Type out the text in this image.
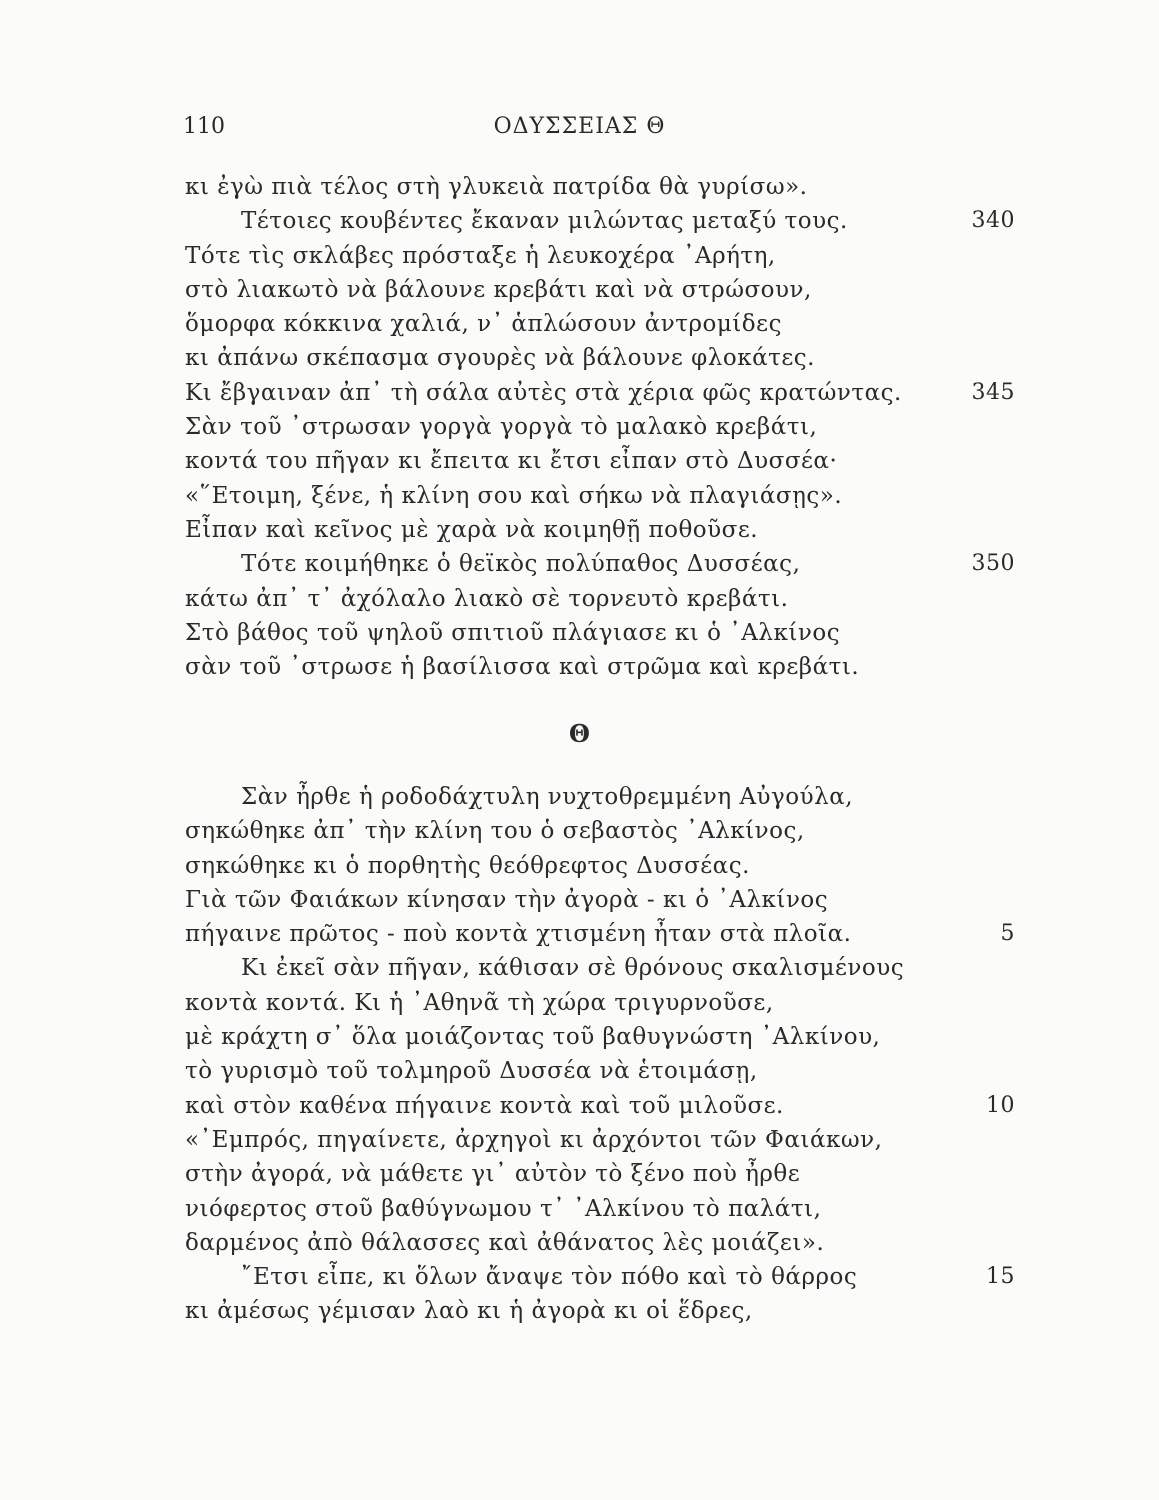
110	ΟΔΥΣΣΕΙΑΣ Θ
κι ἐγὼ πιὰ τέλος στὴ γλυκειὰ πατρίδα θὰ γυρίσω».
Τέτοιες κουβέντες ἔκαναν μιλώντας μεταξύ τους.	340
Τότε τὶς σκλάβες πρόσταξε ἡ λευκοχέρα ᾿Αρήτη,
στὸ λιακωτὸ νὰ βάλουνε κρεβάτι καὶ νὰ στρώσουν,
ὅμορφα κόκκινα χαλιά, ν᾿ ἁπλώσουν ἀντρομίδες
κι ἀπάνω σκέπασμα σγουρὲς νὰ βάλουνε φλοκάτες.
Κι ἔβγαιναν ἀπ᾿ τὴ σάλα αὐτὲς στὰ χέρια φῶς κρατώντας.	345
Σὰν τοῦ ᾿στρωσαν γοργὰ γοργὰ τὸ μαλακὸ κρεβάτι,
κοντά του πῆγαν κι ἔπειτα κι ἔτσι εἶπαν στὸ Δυσσέα·
«῞Ετοιμη, ξένε, ἡ κλίνη σου καὶ σήκω νὰ πλαγιάσῃς».
Εἶπαν καὶ κεῖνος μὲ χαρὰ νὰ κοιμηθῇ ποθοῦσε.
Τότε κοιμήθηκε ὁ θεϊκὸς πολύπαθος Δυσσέας,	350
κάτω ἀπ᾿ τ᾿ ἀχόλαλο λιακὸ σὲ τορνευτὸ κρεβάτι.
Στὸ βάθος τοῦ ψηλοῦ σπιτιοῦ πλάγιασε κι ὁ ᾿Αλκίνος
σὰν τοῦ ᾿στρωσε ἡ βασίλισσα καὶ στρῶμα καὶ κρεβάτι.
Θ
Σὰν ἦρθε ἡ ροδοδάχτυλη νυχτοθρεμμένη Αὐγούλα,
σηκώθηκε ἀπ᾿ τὴν κλίνη του ὁ σεβαστὸς ᾿Αλκίνος,
σηκώθηκε κι ὁ πορθητὴς θεόθρεφτος Δυσσέας.
Γιὰ τῶν Φαιάκων κίνησαν τὴν ἀγορὰ - κι ὁ ᾿Αλκίνος
πήγαινε πρῶτος - ποὺ κοντὰ χτισμένη ἦταν στὰ πλοῖα.	5
Κι ἐκεῖ σὰν πῆγαν, κάθισαν σὲ θρόνους σκαλισμένους
κοντὰ κοντά. Κι ἡ ᾿Αθηνᾶ τὴ χώρα τριγυρνοῦσε,
μὲ κράχτη σ᾿ ὅλα μοιάζοντας τοῦ βαθυγνώστη ᾿Αλκίνου,
τὸ γυρισμὸ τοῦ τολμηροῦ Δυσσέα νὰ ἑτοιμάσῃ,
καὶ στὸν καθένα πήγαινε κοντὰ καὶ τοῦ μιλοῦσε.	10
«᾿Εμπρός, πηγαίνετε, ἀρχηγοὶ κι ἀρχόντοι τῶν Φαιάκων,
στὴν ἀγορά, νὰ μάθετε γι᾿ αὐτὸν τὸ ξένο ποὺ ἦρθε
νιόφερτος στοῦ βαθύγνωμου τ᾿ ᾿Αλκίνου τὸ παλάτι,
δαρμένος ἀπὸ θάλασσες καὶ ἀθάνατος λὲς μοιάζει».
῎Ετσι εἶπε, κι ὅλων ἄναψε τὸν πόθο καὶ τὸ θάρρος	15
κι ἀμέσως γέμισαν λαὸ κι ἡ ἀγορὰ κι οἱ ἕδρες,
